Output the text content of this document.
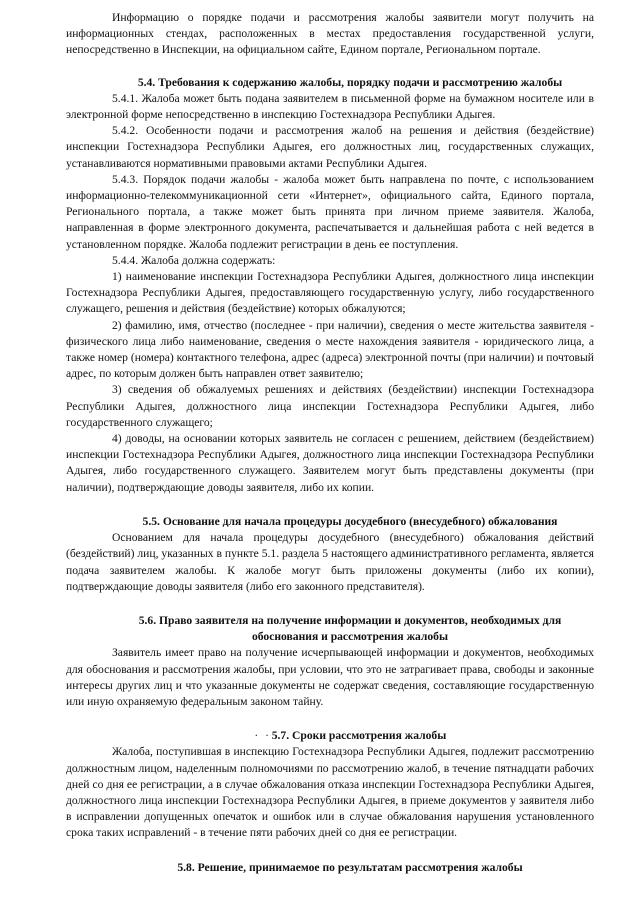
Информацию о порядке подачи и рассмотрения жалобы заявители могут получить на информационных стендах, расположенных в местах предоставления государственной услуги, непосредственно в Инспекции, на официальном сайте, Едином портале, Региональном портале.

5.4. Требования к содержанию жалобы, порядку подачи и рассмотрению жалобы

5.4.1. Жалоба может быть подана заявителем в письменной форме на бумажном носителе или в электронной форме непосредственно в инспекцию Гостехнадзора Республики Адыгея.

5.4.2. Особенности подачи и рассмотрения жалоб на решения и действия (бездействие) инспекции Гостехнадзора Республики Адыгея, его должностных лиц, государственных служащих, устанавливаются нормативными правовыми актами Республики Адыгея.

5.4.3. Порядок подачи жалобы - жалоба может быть направлена по почте, с использованием информационно-телекоммуникационной сети «Интернет», официального сайта, Единого портала, Регионального портала, а также может быть принята при личном приеме заявителя. Жалоба, направленная в форме электронного документа, распечатывается и дальнейшая работа с ней ведется в установленном порядке. Жалоба подлежит регистрации в день ее поступления.

5.4.4. Жалоба должна содержать:

1) наименование инспекции Гостехнадзора Республики Адыгея, должностного лица инспекции Гостехнадзора Республики Адыгея, предоставляющего государственную услугу, либо государственного служащего, решения и действия (бездействие) которых обжалуются;

2) фамилию, имя, отчество (последнее - при наличии), сведения о месте жительства заявителя - физического лица либо наименование, сведения о месте нахождения заявителя - юридического лица, а также номер (номера) контактного телефона, адрес (адреса) электронной почты (при наличии) и почтовый адрес, по которым должен быть направлен ответ заявителю;

3) сведения об обжалуемых решениях и действиях (бездействии) инспекции Гостехнадзора Республики Адыгея, должностного лица инспекции Гостехнадзора Республики Адыгея, либо государственного служащего;

4) доводы, на основании которых заявитель не согласен с решением, действием (бездействием) инспекции Гостехнадзора Республики Адыгея, должностного лица инспекции Гостехнадзора Республики Адыгея, либо государственного служащего. Заявителем могут быть представлены документы (при наличии), подтверждающие доводы заявителя, либо их копии.

5.5. Основание для начала процедуры досудебного (внесудебного) обжалования

Основанием для начала процедуры досудебного (внесудебного) обжалования действий (бездействий) лиц, указанных в пункте 5.1. раздела 5 настоящего административного регламента, является подача заявителем жалобы. К жалобе могут быть приложены документы (либо их копии), подтверждающие доводы заявителя (либо его законного представителя).

5.6. Право заявителя на получение информации и документов, необходимых для

обоснования и рассмотрения жалобы

Заявитель имеет право на получение исчерпывающей информации и документов, необходимых для обоснования и рассмотрения жалобы, при условии, что это не затрагивает права, свободы и законные интересы других лиц и что указанные документы не содержат сведения, составляющие государственную или иную охраняемую федеральным законом тайну.

· ·5.7. Сроки рассмотрения жалобы

Жалоба, поступившая в инспекцию Гостехнадзора Республики Адыгея, подлежит рассмотрению должностным лицом, наделенным полномочиями по рассмотрению жалоб, в течение пятнадцати рабочих дней со дня ее регистрации, а в случае обжалования отказа инспекции Гостехнадзора Республики Адыгея, должностного лица инспекции Гостехнадзора Республики Адыгея, в приеме документов у заявителя либо в исправлении допущенных опечаток и ошибок или в случае обжалования нарушения установленного срока таких исправлений - в течение пяти рабочих дней со дня ее регистрации.

5.8. Решение, принимаемое по результатам рассмотрения жалобы
